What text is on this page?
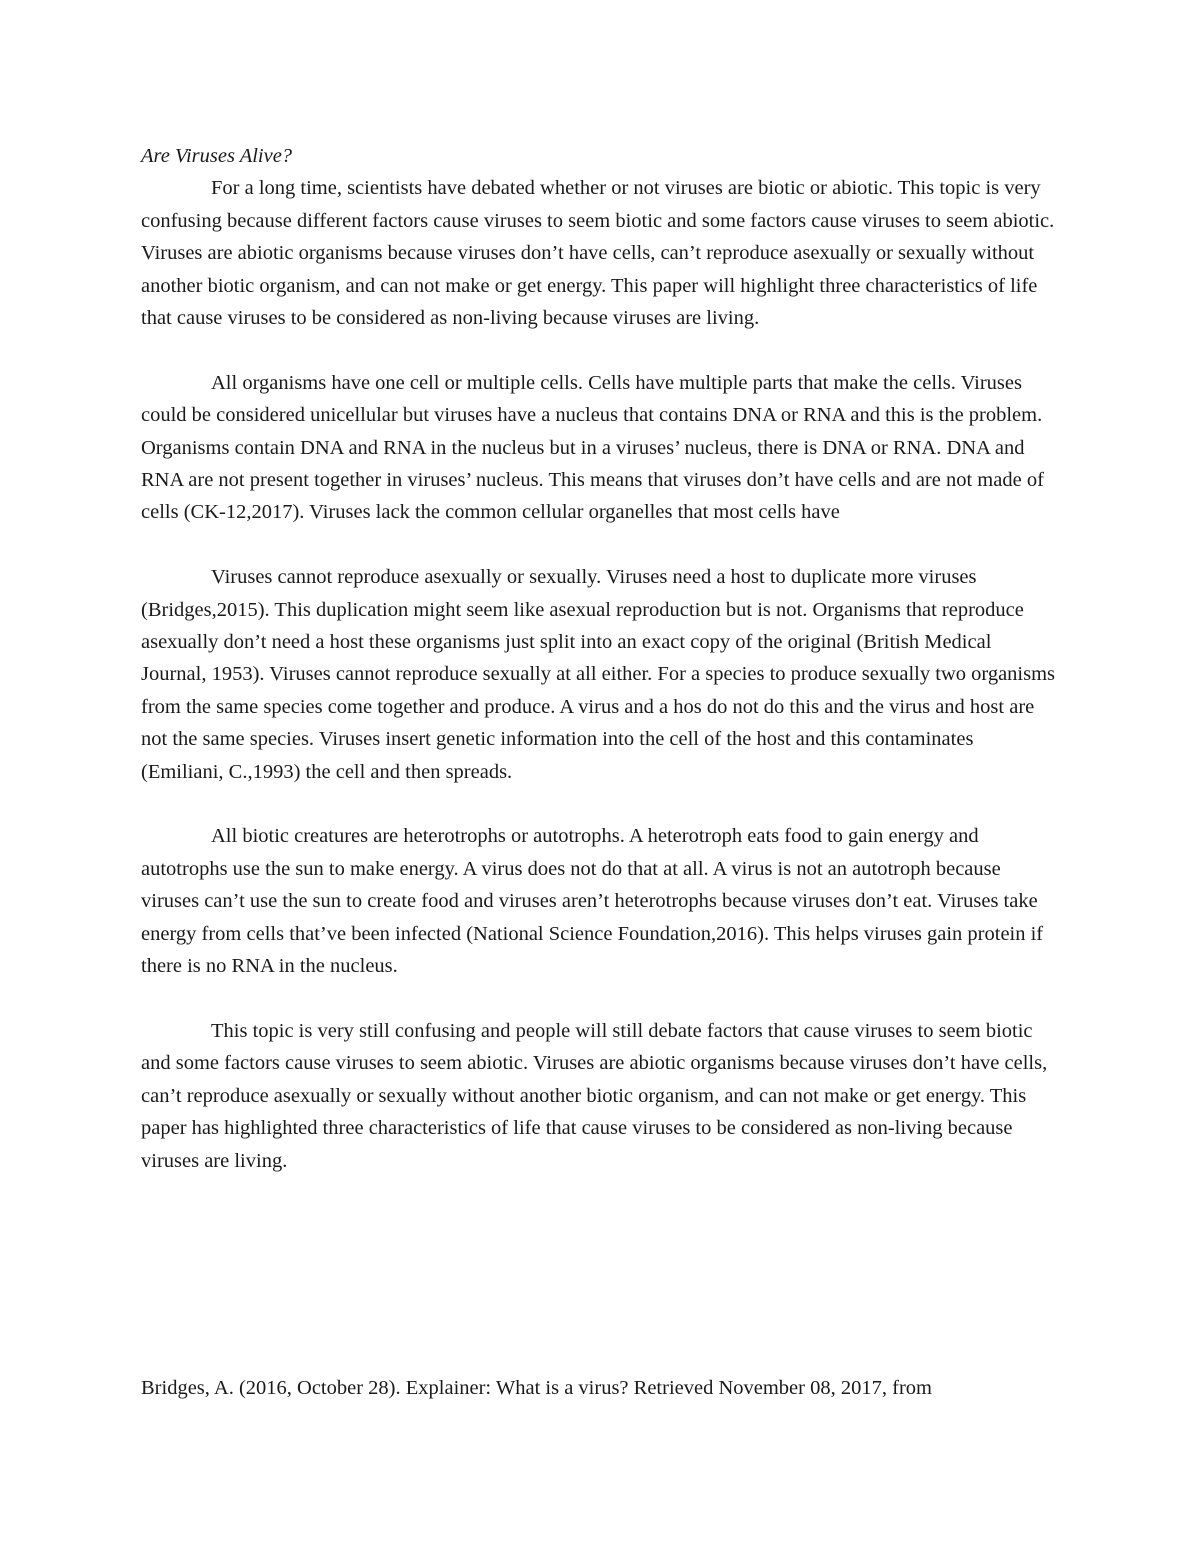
Are Viruses Alive?

For a long time, scientists have debated whether or not viruses are biotic or abiotic. This topic is very confusing because different factors cause viruses to seem biotic and some factors cause viruses to seem abiotic. Viruses are abiotic organisms because viruses don’t have cells, can’t reproduce asexually or sexually without another biotic organism, and can not make or get energy. This paper will highlight three characteristics of life that cause viruses to be considered as non-living because viruses are living.

All organisms have one cell or multiple cells. Cells have multiple parts that make the cells. Viruses could be considered unicellular but viruses have a nucleus that contains DNA or RNA and this is the problem. Organisms contain DNA and RNA in the nucleus but in a viruses’ nucleus, there is DNA or RNA. DNA and RNA are not present together in viruses’ nucleus. This means that viruses don’t have cells and are not made of cells (CK-12,2017). Viruses lack the common cellular organelles that most cells have

Viruses cannot reproduce asexually or sexually. Viruses need a host to duplicate more viruses (Bridges,2015). This duplication might seem like asexual reproduction but is not. Organisms that reproduce asexually don’t need a host these organisms just split into an exact copy of the original (British Medical Journal, 1953). Viruses cannot reproduce sexually at all either. For a species to produce sexually two organisms from the same species come together and produce. A virus and a hos do not do this and the virus and host are not the same species. Viruses insert genetic information into the cell of the host and this contaminates (Emiliani, C.,1993) the cell and then spreads.

All biotic creatures are heterotrophs or autotrophs. A heterotroph eats food to gain energy and autotrophs use the sun to make energy. A virus does not do that at all. A virus is not an autotroph because viruses can’t use the sun to create food and viruses aren’t heterotrophs because viruses don’t eat. Viruses take energy from cells that’ve been infected (National Science Foundation,2016). This helps viruses gain protein if there is no RNA in the nucleus.

This topic is very still confusing and people will still debate factors that cause viruses to seem biotic and some factors cause viruses to seem abiotic. Viruses are abiotic organisms because viruses don’t have cells, can’t reproduce asexually or sexually without another biotic organism, and can not make or get energy. This paper has highlighted three characteristics of life that cause viruses to be considered as non-living because viruses are living.

Bridges, A. (2016, October 28). Explainer: What is a virus? Retrieved November 08, 2017, from
